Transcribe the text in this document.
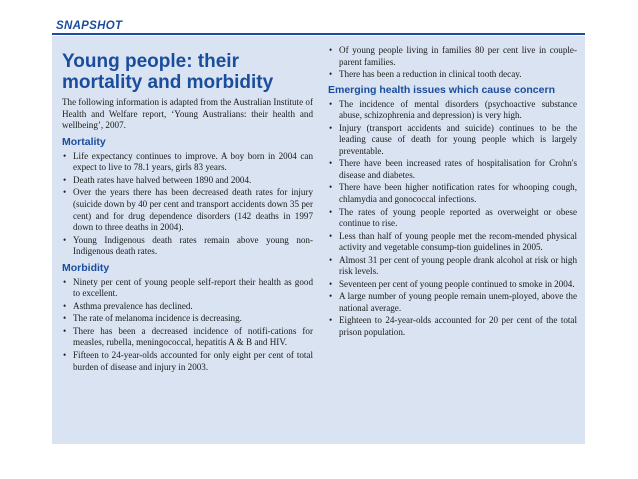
SNAPSHOT
Young people: their mortality and morbidity

The following information is adapted from the Australian Institute of Health and Welfare report, ‘Young Australians: their health and wellbeing’, 2007.

Mortality
• Life expectancy continues to improve. A boy born in 2004 can expect to live to 78.1 years, girls 83 years.
• Death rates have halved between 1890 and 2004.
• Over the years there has been decreased death rates for injury (suicide down by 40 per cent and transport accidents down 35 per cent) and for drug dependence disorders (142 deaths in 1997 down to three deaths in 2004).
• Young Indigenous death rates remain above young non-Indigenous death rates.
Morbidity
• Ninety per cent of young people self-report their health as good to excellent.
• Asthma prevalence has declined.
• The rate of melanoma incidence is decreasing.
• There has been a decreased incidence of notifi-cations for measles, rubella, meningococcal, hepatitis A & B and HIV.
• Fifteen to 24-year-olds accounted for only eight per cent of total burden of disease and injury in 2003.
• Of young people living in families 80 per cent live in couple-parent families.
• There has been a reduction in clinical tooth decay.
Emerging health issues which cause concern
• The incidence of mental disorders (psychoactive substance abuse, schizophrenia and depression) is very high.
• Injury (transport accidents and suicide) continues to be the leading cause of death for young people which is largely preventable.
• There have been increased rates of hospitalisation for Crohn's disease and diabetes.
• There have been higher notification rates for whooping cough, chlamydia and gonococcal infections.
• The rates of young people reported as overweight or obese continue to rise.
• Less than half of young people met the recom-mended physical activity and vegetable consump-tion guidelines in 2005.
• Almost 31 per cent of young people drank alcohol at risk or high risk levels.
• Seventeen per cent of young people continued to smoke in 2004.
• A large number of young people remain unem-ployed, above the national average.
• Eighteen to 24-year-olds accounted for 20 per cent of the total prison population.
